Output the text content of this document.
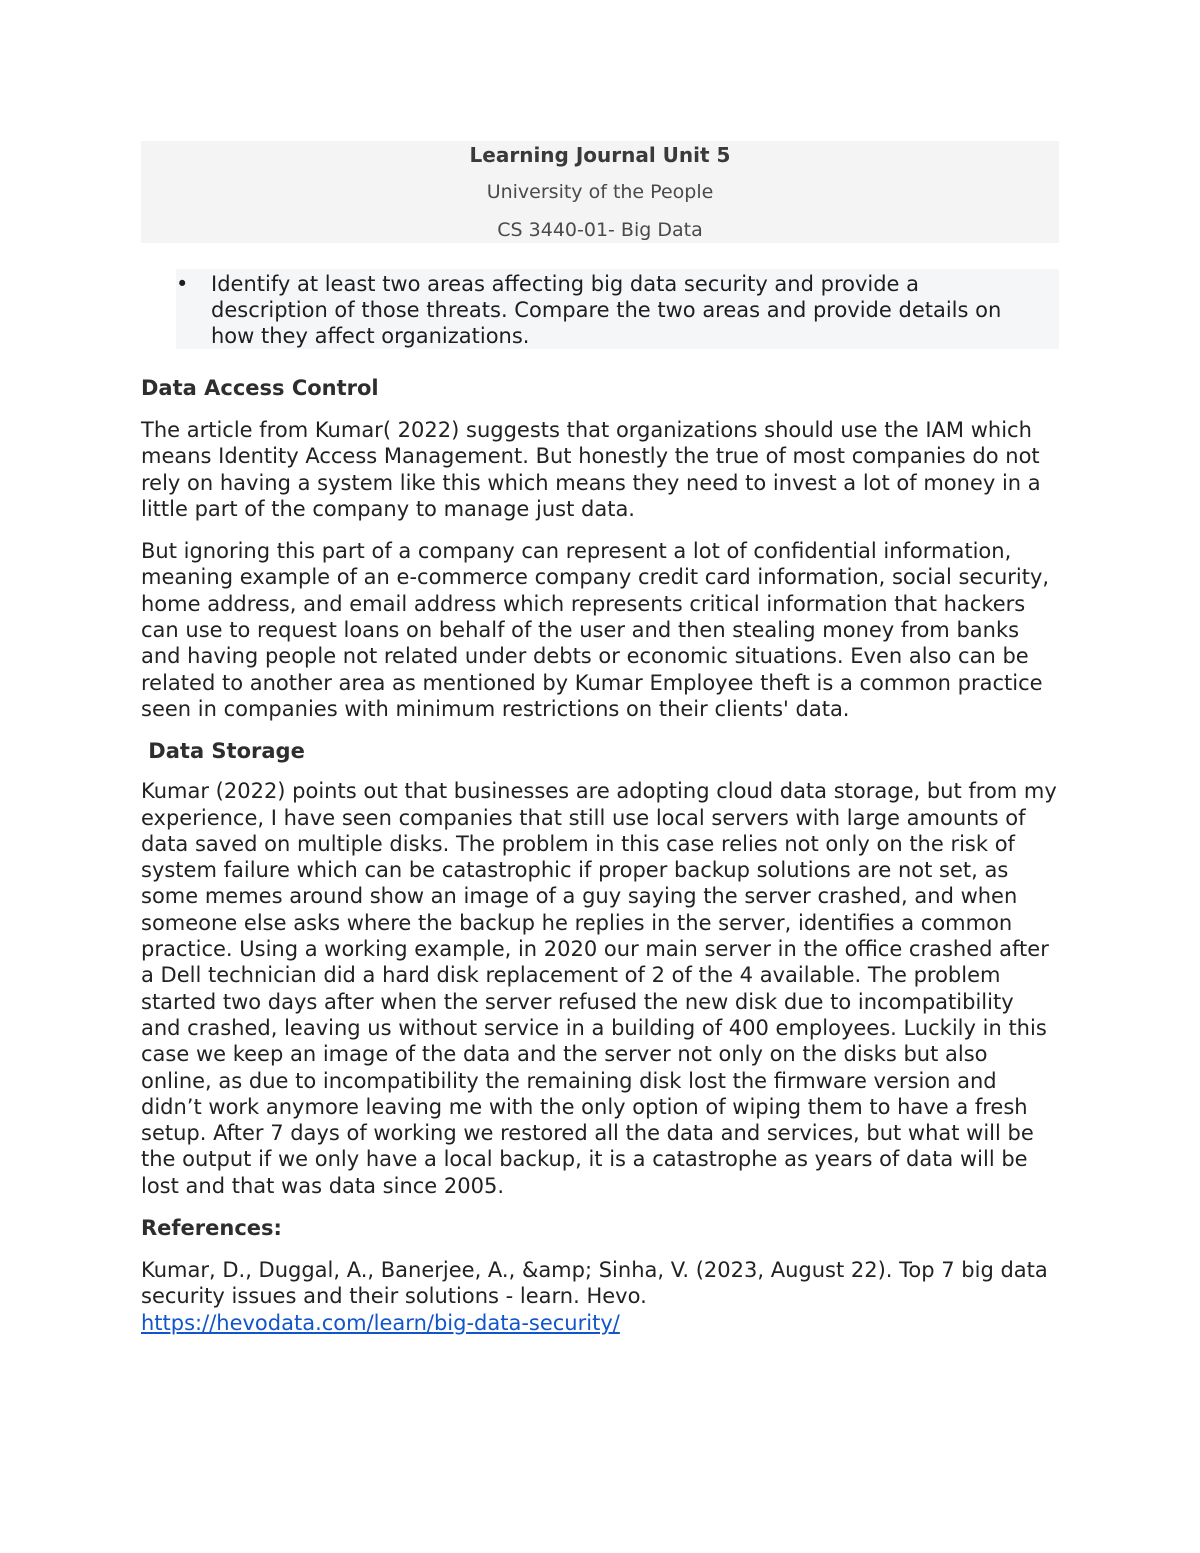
Learning Journal Unit 5
University of the People
CS 3440-01- Big Data
• Identify at least two areas affecting big data security and provide a description of those threats. Compare the two areas and provide details on how they affect organizations.
Data Access Control

The article from Kumar( 2022) suggests that organizations should use the IAM which means Identity Access Management. But honestly the true of most companies do not rely on having a system like this which means they need to invest a lot of money in a little part of the company to manage just data.

But ignoring this part of a company can represent a lot of confidential information, meaning example of an e-commerce company credit card information, social security, home address, and email address which represents critical information that hackers can use to request loans on behalf of the user and then stealing money from banks and having people not related under debts or economic situations. Even also can be related to another area as mentioned by Kumar Employee theft is a common practice seen in companies with minimum restrictions on their clients' data.

Data Storage

Kumar (2022) points out that businesses are adopting cloud data storage, but from my experience, I have seen companies that still use local servers with large amounts of data saved on multiple disks. The problem in this case relies not only on the risk of system failure which can be catastrophic if proper backup solutions are not set, as some memes around show an image of a guy saying the server crashed, and when someone else asks where the backup he replies in the server, identifies a common practice. Using a working example, in 2020 our main server in the office crashed after a Dell technician did a hard disk replacement of 2 of the 4 available. The problem started two days after when the server refused the new disk due to incompatibility and crashed, leaving us without service in a building of 400 employees. Luckily in this case we keep an image of the data and the server not only on the disks but also online, as due to incompatibility the remaining disk lost the firmware version and didn’t work anymore leaving me with the only option of wiping them to have a fresh setup. After 7 days of working we restored all the data and services, but what will be the output if we only have a local backup, it is a catastrophe as years of data will be lost and that was data since 2005.

References:

Kumar, D., Duggal, A., Banerjee, A., &amp; Sinha, V. (2023, August 22). Top 7 big data security issues and their solutions - learn. Hevo.
https://hevodata.com/learn/big-data-security/
